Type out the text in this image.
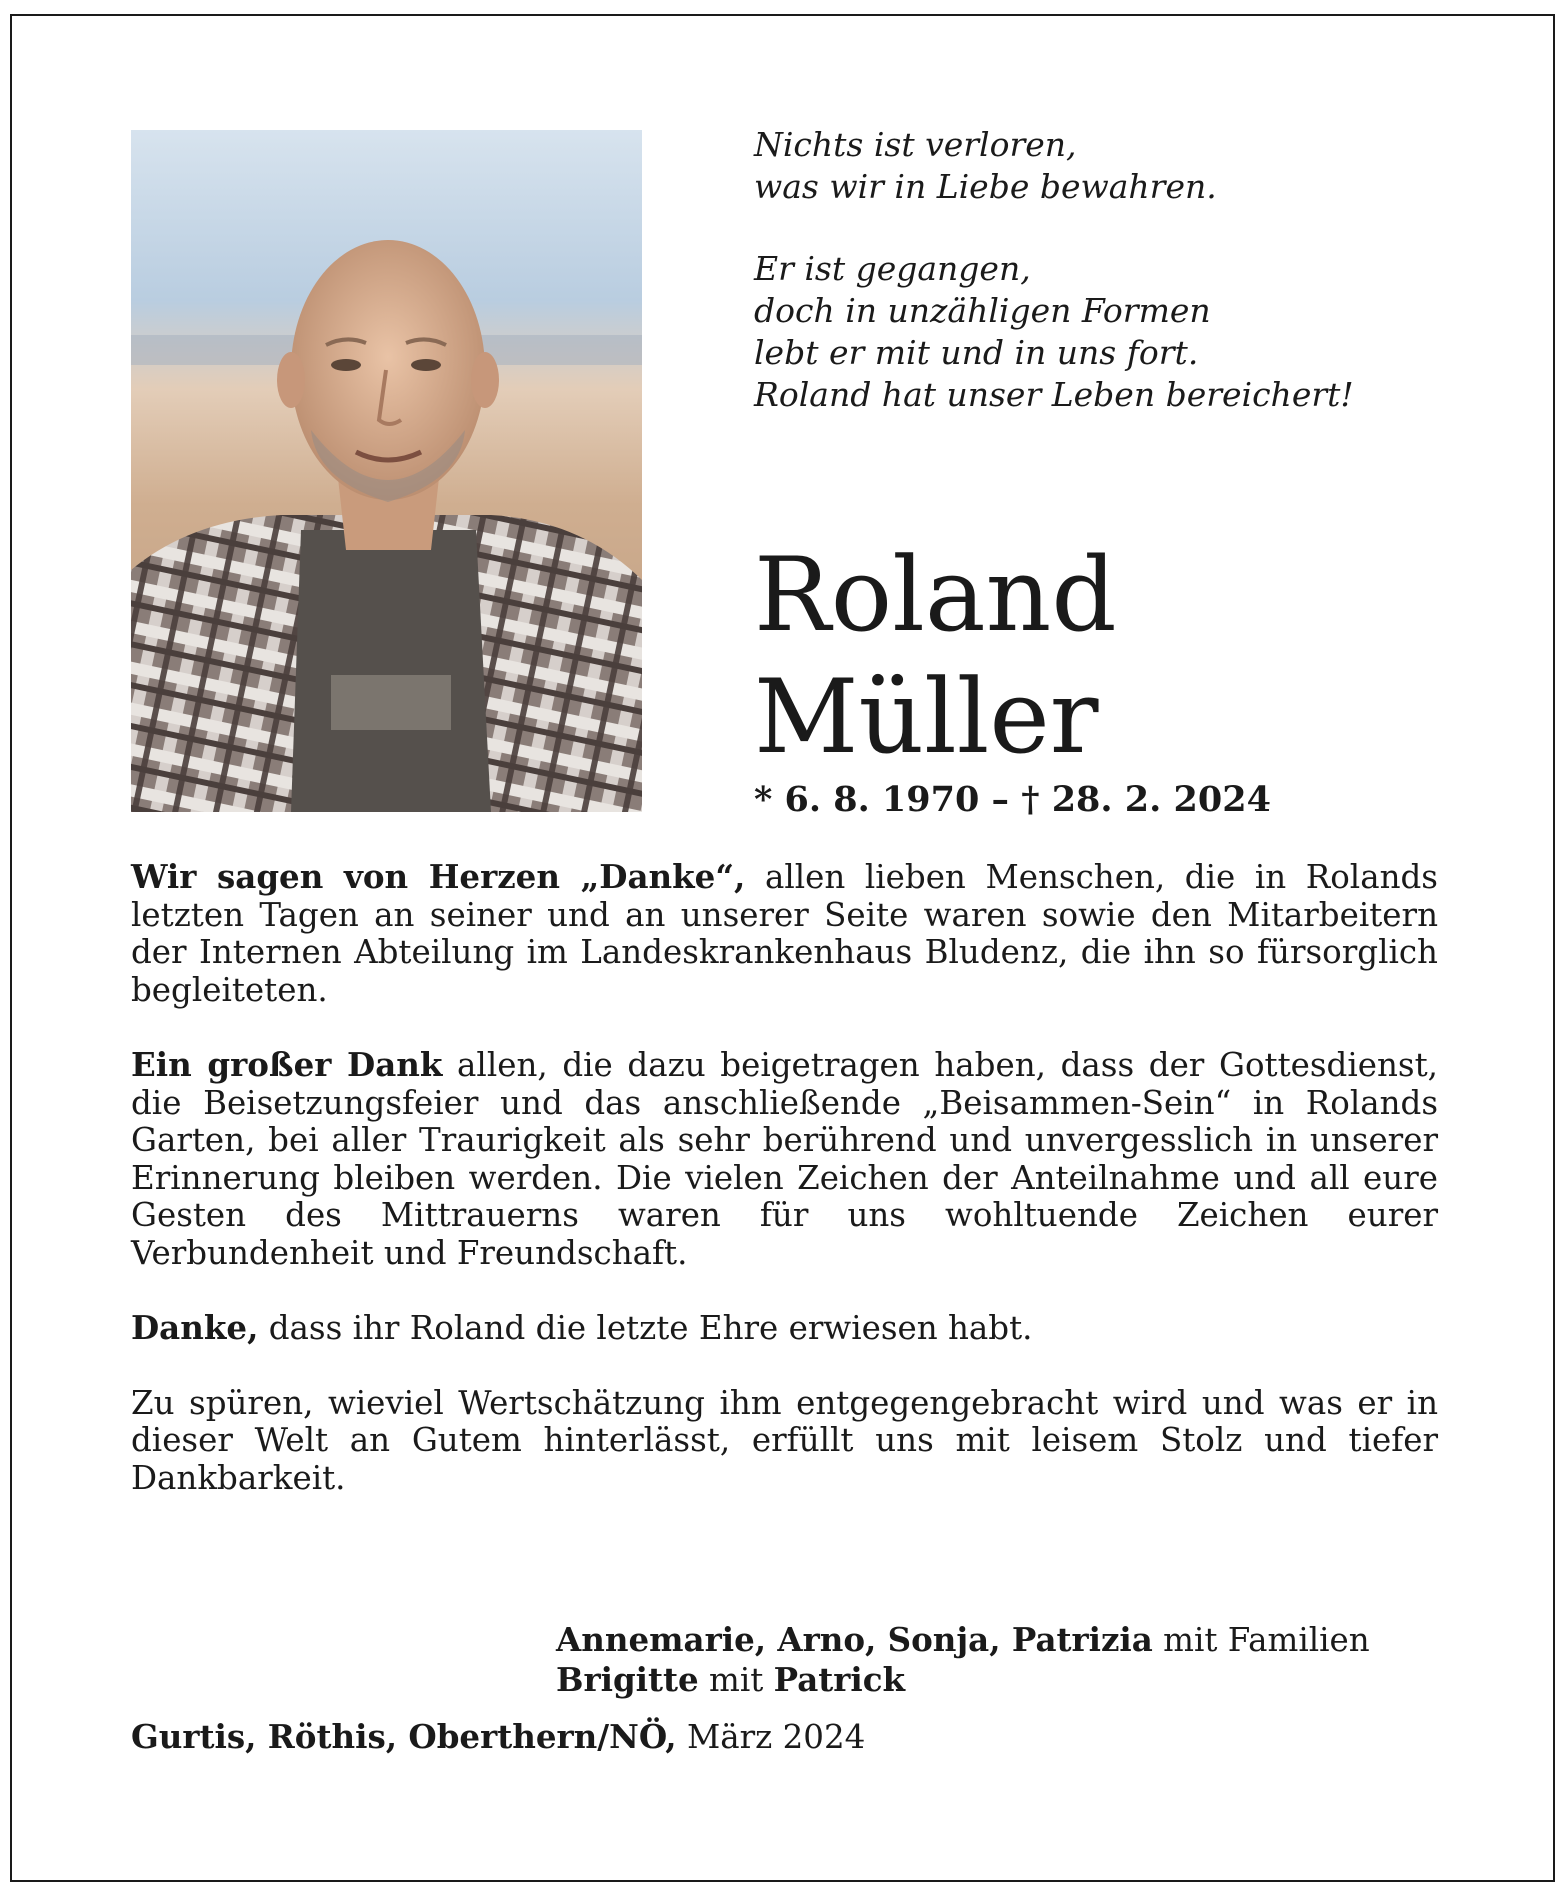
Nichts ist verloren,
was wir in Liebe bewahren.
Er ist gegangen,
doch in unzähligen Formen
lebt er mit und in uns fort.
Roland hat unser Leben bereichert!
Roland
Müller
* 6. 8. 1970 – † 28. 2. 2024

Wir sagen von Herzen „Danke“, allen lieben Menschen, die in Rolands letzten Tagen an seiner und an unserer Seite waren sowie den Mitarbeitern der Internen Abteilung im Landeskrankenhaus Bludenz, die ihn so fürsorglich begleiteten.

Ein großer Dank allen, die dazu beigetragen haben, dass der Gottesdienst, die Beisetzungsfeier und das anschließende „Beisammen-Sein“ in Rolands Garten, bei aller Traurigkeit als sehr berührend und unvergesslich in unserer Erinnerung bleiben werden. Die vielen Zeichen der Anteilnahme und all eure Gesten des Mittrauerns waren für uns wohltuende Zeichen eurer Verbundenheit und Freundschaft.

Danke, dass ihr Roland die letzte Ehre erwiesen habt.

Zu spüren, wieviel Wertschätzung ihm entgegengebracht wird und was er in dieser Welt an Gutem hinterlässt, erfüllt uns mit leisem Stolz und tiefer Dankbarkeit.

Annemarie, Arno, Sonja, Patrizia mit Familien
Brigitte mit Patrick
Gurtis, Röthis, Oberthern/NÖ, März 2024
